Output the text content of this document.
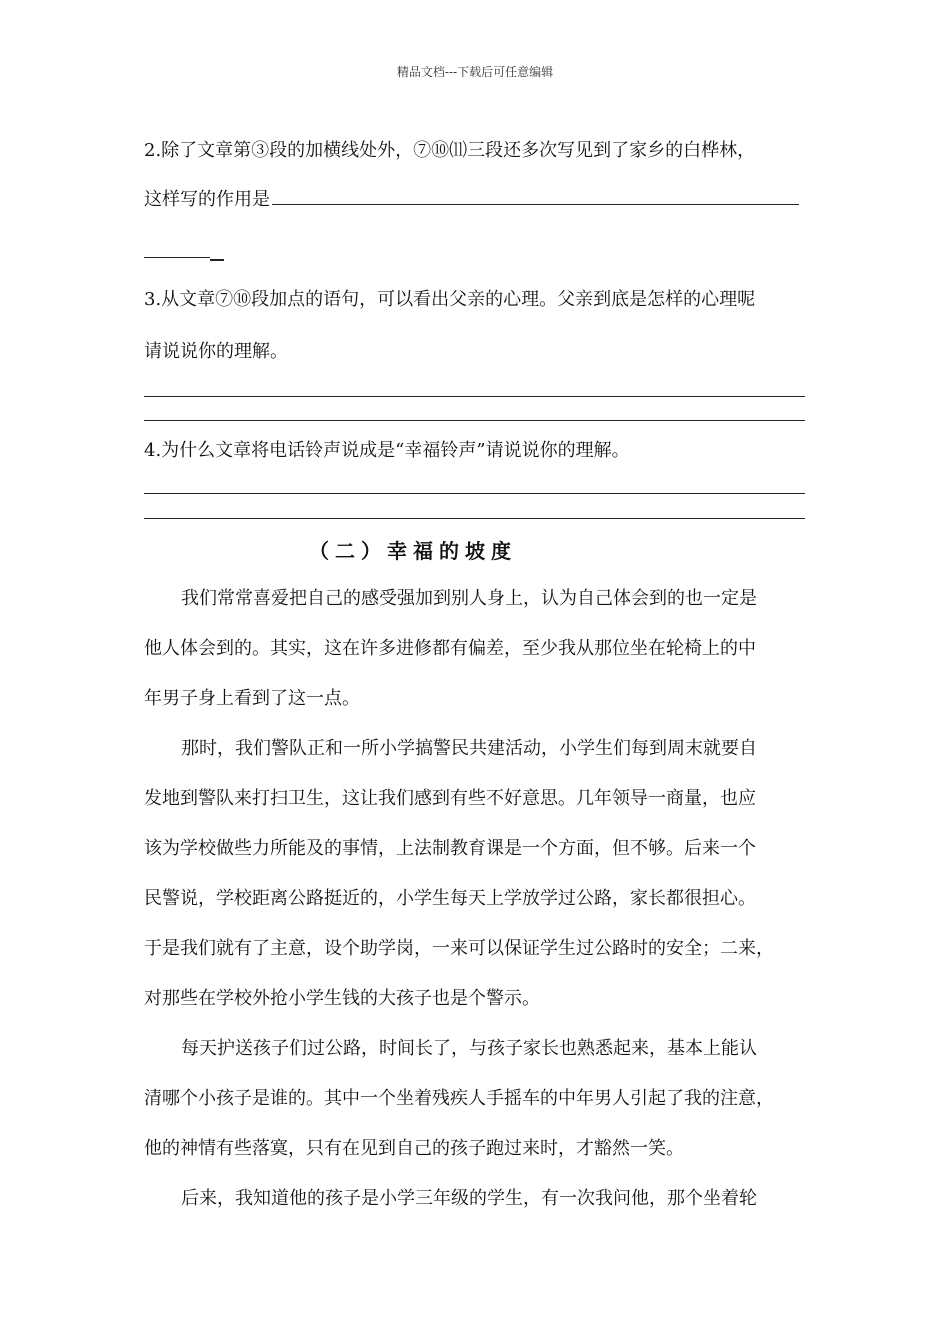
精品文档---下载后可任意编辑
2.除了文章第③段的加横线处外，⑦⑩⑾三段还多次写见到了家乡的白桦林，
这样写的作用是
3.从文章⑦⑩段加点的语句，可以看出父亲的心理。父亲到底是怎样的心理呢
请说说你的理解。
4.为什么文章将电话铃声说成是“幸福铃声”请说说你的理解。
（二）幸福的坡度
我们常常喜爱把自己的感受强加到别人身上，认为自己体会到的也一定是
他人体会到的。其实，这在许多进修都有偏差，至少我从那位坐在轮椅上的中
年男子身上看到了这一点。
那时，我们警队正和一所小学搞警民共建活动，小学生们每到周末就要自
发地到警队来打扫卫生，这让我们感到有些不好意思。几年领导一商量，也应
该为学校做些力所能及的事情，上法制教育课是一个方面，但不够。后来一个
民警说，学校距离公路挺近的，小学生每天上学放学过公路，家长都很担心。
于是我们就有了主意，设个助学岗，一来可以保证学生过公路时的安全；二来，
对那些在学校外抢小学生钱的大孩子也是个警示。
每天护送孩子们过公路，时间长了，与孩子家长也熟悉起来，基本上能认
清哪个小孩子是谁的。其中一个坐着残疾人手摇车的中年男人引起了我的注意，
他的神情有些落寞，只有在见到自己的孩子跑过来时，才豁然一笑。
后来，我知道他的孩子是小学三年级的学生，有一次我问他，那个坐着轮
